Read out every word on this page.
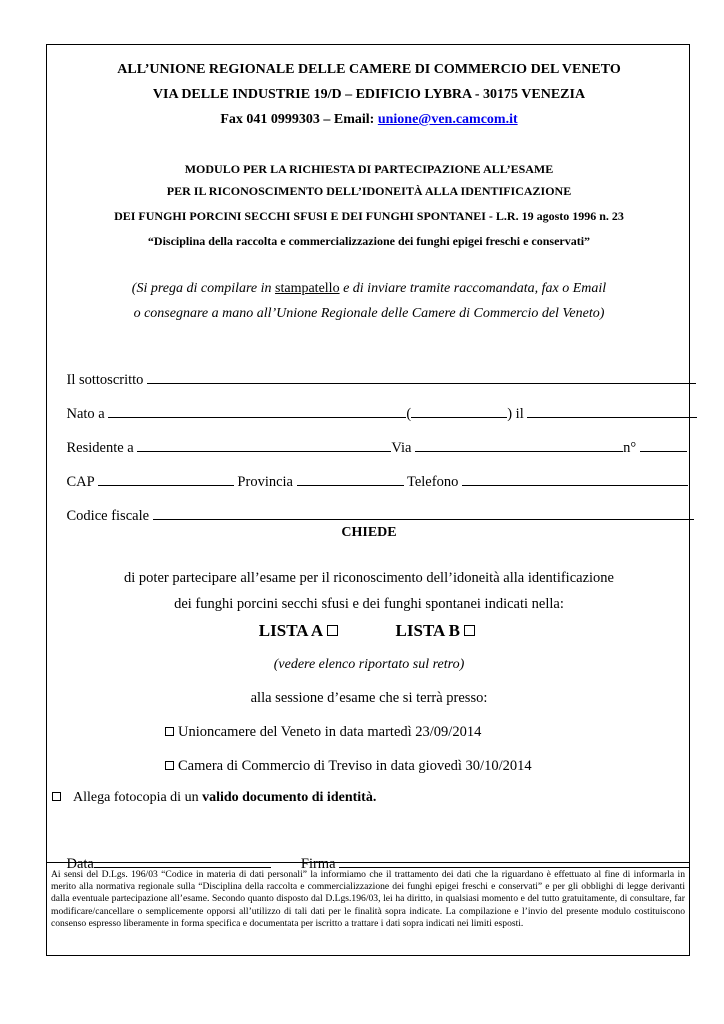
ALL’UNIONE REGIONALE DELLE CAMERE DI COMMERCIO DEL VENETO
VIA DELLE INDUSTRIE 19/D – EDIFICIO LYBRA - 30175 VENEZIA
Fax 041 0999303 – Email: unione@ven.camcom.it
MODULO PER LA RICHIESTA DI PARTECIPAZIONE ALL’ESAME
PER IL RICONOSCIMENTO DELL’IDONEITÀ ALLA IDENTIFICAZIONE
DEI FUNGHI PORCINI SECCHI SFUSI E DEI FUNGHI SPONTANEI - L.R. 19 agosto 1996 n. 23
“Disciplina della raccolta e commercializzazione dei funghi epigei freschi e conservati”
(Si prega di compilare in stampatello e di inviare tramite raccomandata, fax o Email
o consegnare a mano all’Unione Regionale delle Camere di Commercio del Veneto)

Il sottoscritto

Nato a	(	) il

Residente a	Via	n°

CAP	Provincia	Telefono

Codice fiscale

CHIEDE
di poter partecipare all’esame per il riconoscimento dell’idoneità alla identificazione
dei funghi porcini secchi sfusi e dei funghi spontanei indicati nella:
LISTA A	LISTA B
(vedere elenco riportato sul retro)
alla sessione d’esame che si terrà presso:
Unioncamere del Veneto in data martedì 23/09/2014
Camera di Commercio di Treviso in data giovedì 30/10/2014
Allega fotocopia di un valido documento di identità.

Data	Firma

Ai sensi del D.Lgs. 196/03 “Codice in materia di dati personali” la informiamo che il trattamento dei dati che la riguardano è effettuato al fine di informarla in merito alla normativa regionale sulla “Disciplina della raccolta e commercializzazione dei funghi epigei freschi e conservati” e per gli obblighi di legge derivanti dalla eventuale partecipazione all’esame. Secondo quanto disposto dal D.Lgs.196/03, lei ha diritto, in qualsiasi momento e del tutto gratuitamente, di consultare, far modificare/cancellare o semplicemente opporsi all’utilizzo di tali dati per le finalità sopra indicate. La compilazione e l’invio del presente modulo costituiscono consenso espresso liberamente in forma specifica e documentata per iscritto a trattare i dati sopra indicati nei limiti esposti.
